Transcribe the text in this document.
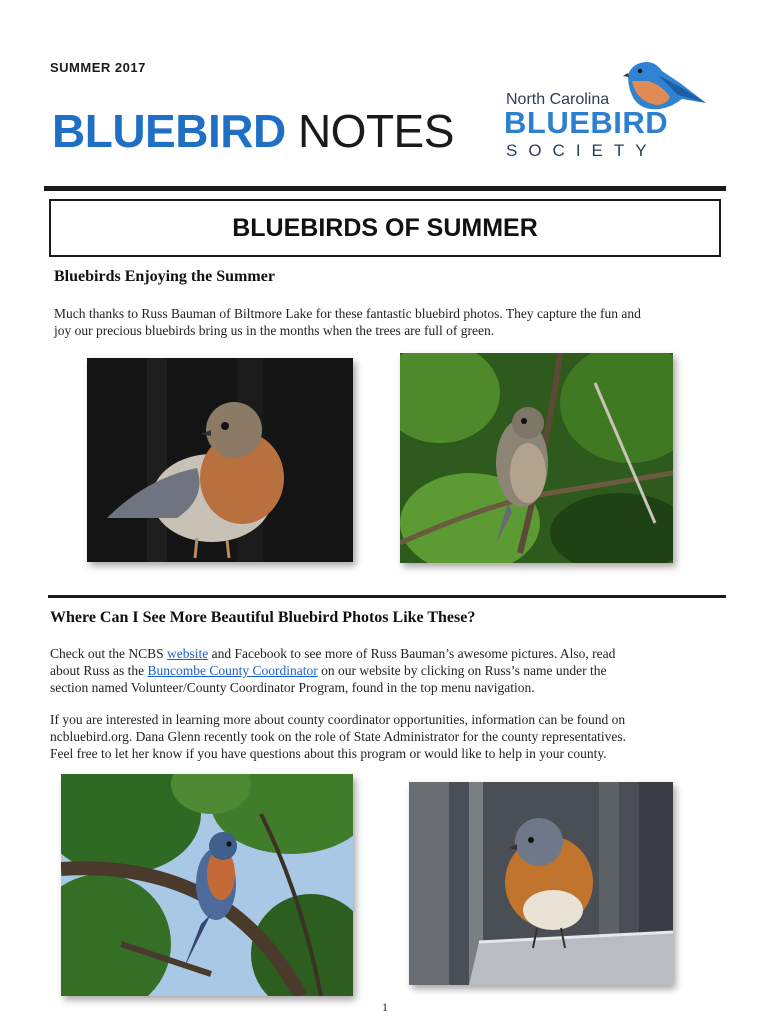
SUMMER 2017
BLUEBIRD NOTES
North Carolina
BLUEBIRD
SOCIETY
BLUEBIRDS OF SUMMER
Bluebirds Enjoying the Summer
Much thanks to Russ Bauman of Biltmore Lake for these fantastic bluebird photos. They capture the fun and
joy our precious bluebirds bring us in the months when the trees are full of green.
Where Can I See More Beautiful Bluebird Photos Like These?
Check out the NCBS website and Facebook to see more of Russ Bauman’s awesome pictures. Also, read
about Russ as the Buncombe County Coordinator on our website by clicking on Russ’s name under the
section named Volunteer/County Coordinator Program, found in the top menu navigation.
If you are interested in learning more about county coordinator opportunities, information can be found on
ncbluebird.org. Dana Glenn recently took on the role of State Administrator for the county representatives.
Feel free to let her know if you have questions about this program or would like to help in your county.
1
